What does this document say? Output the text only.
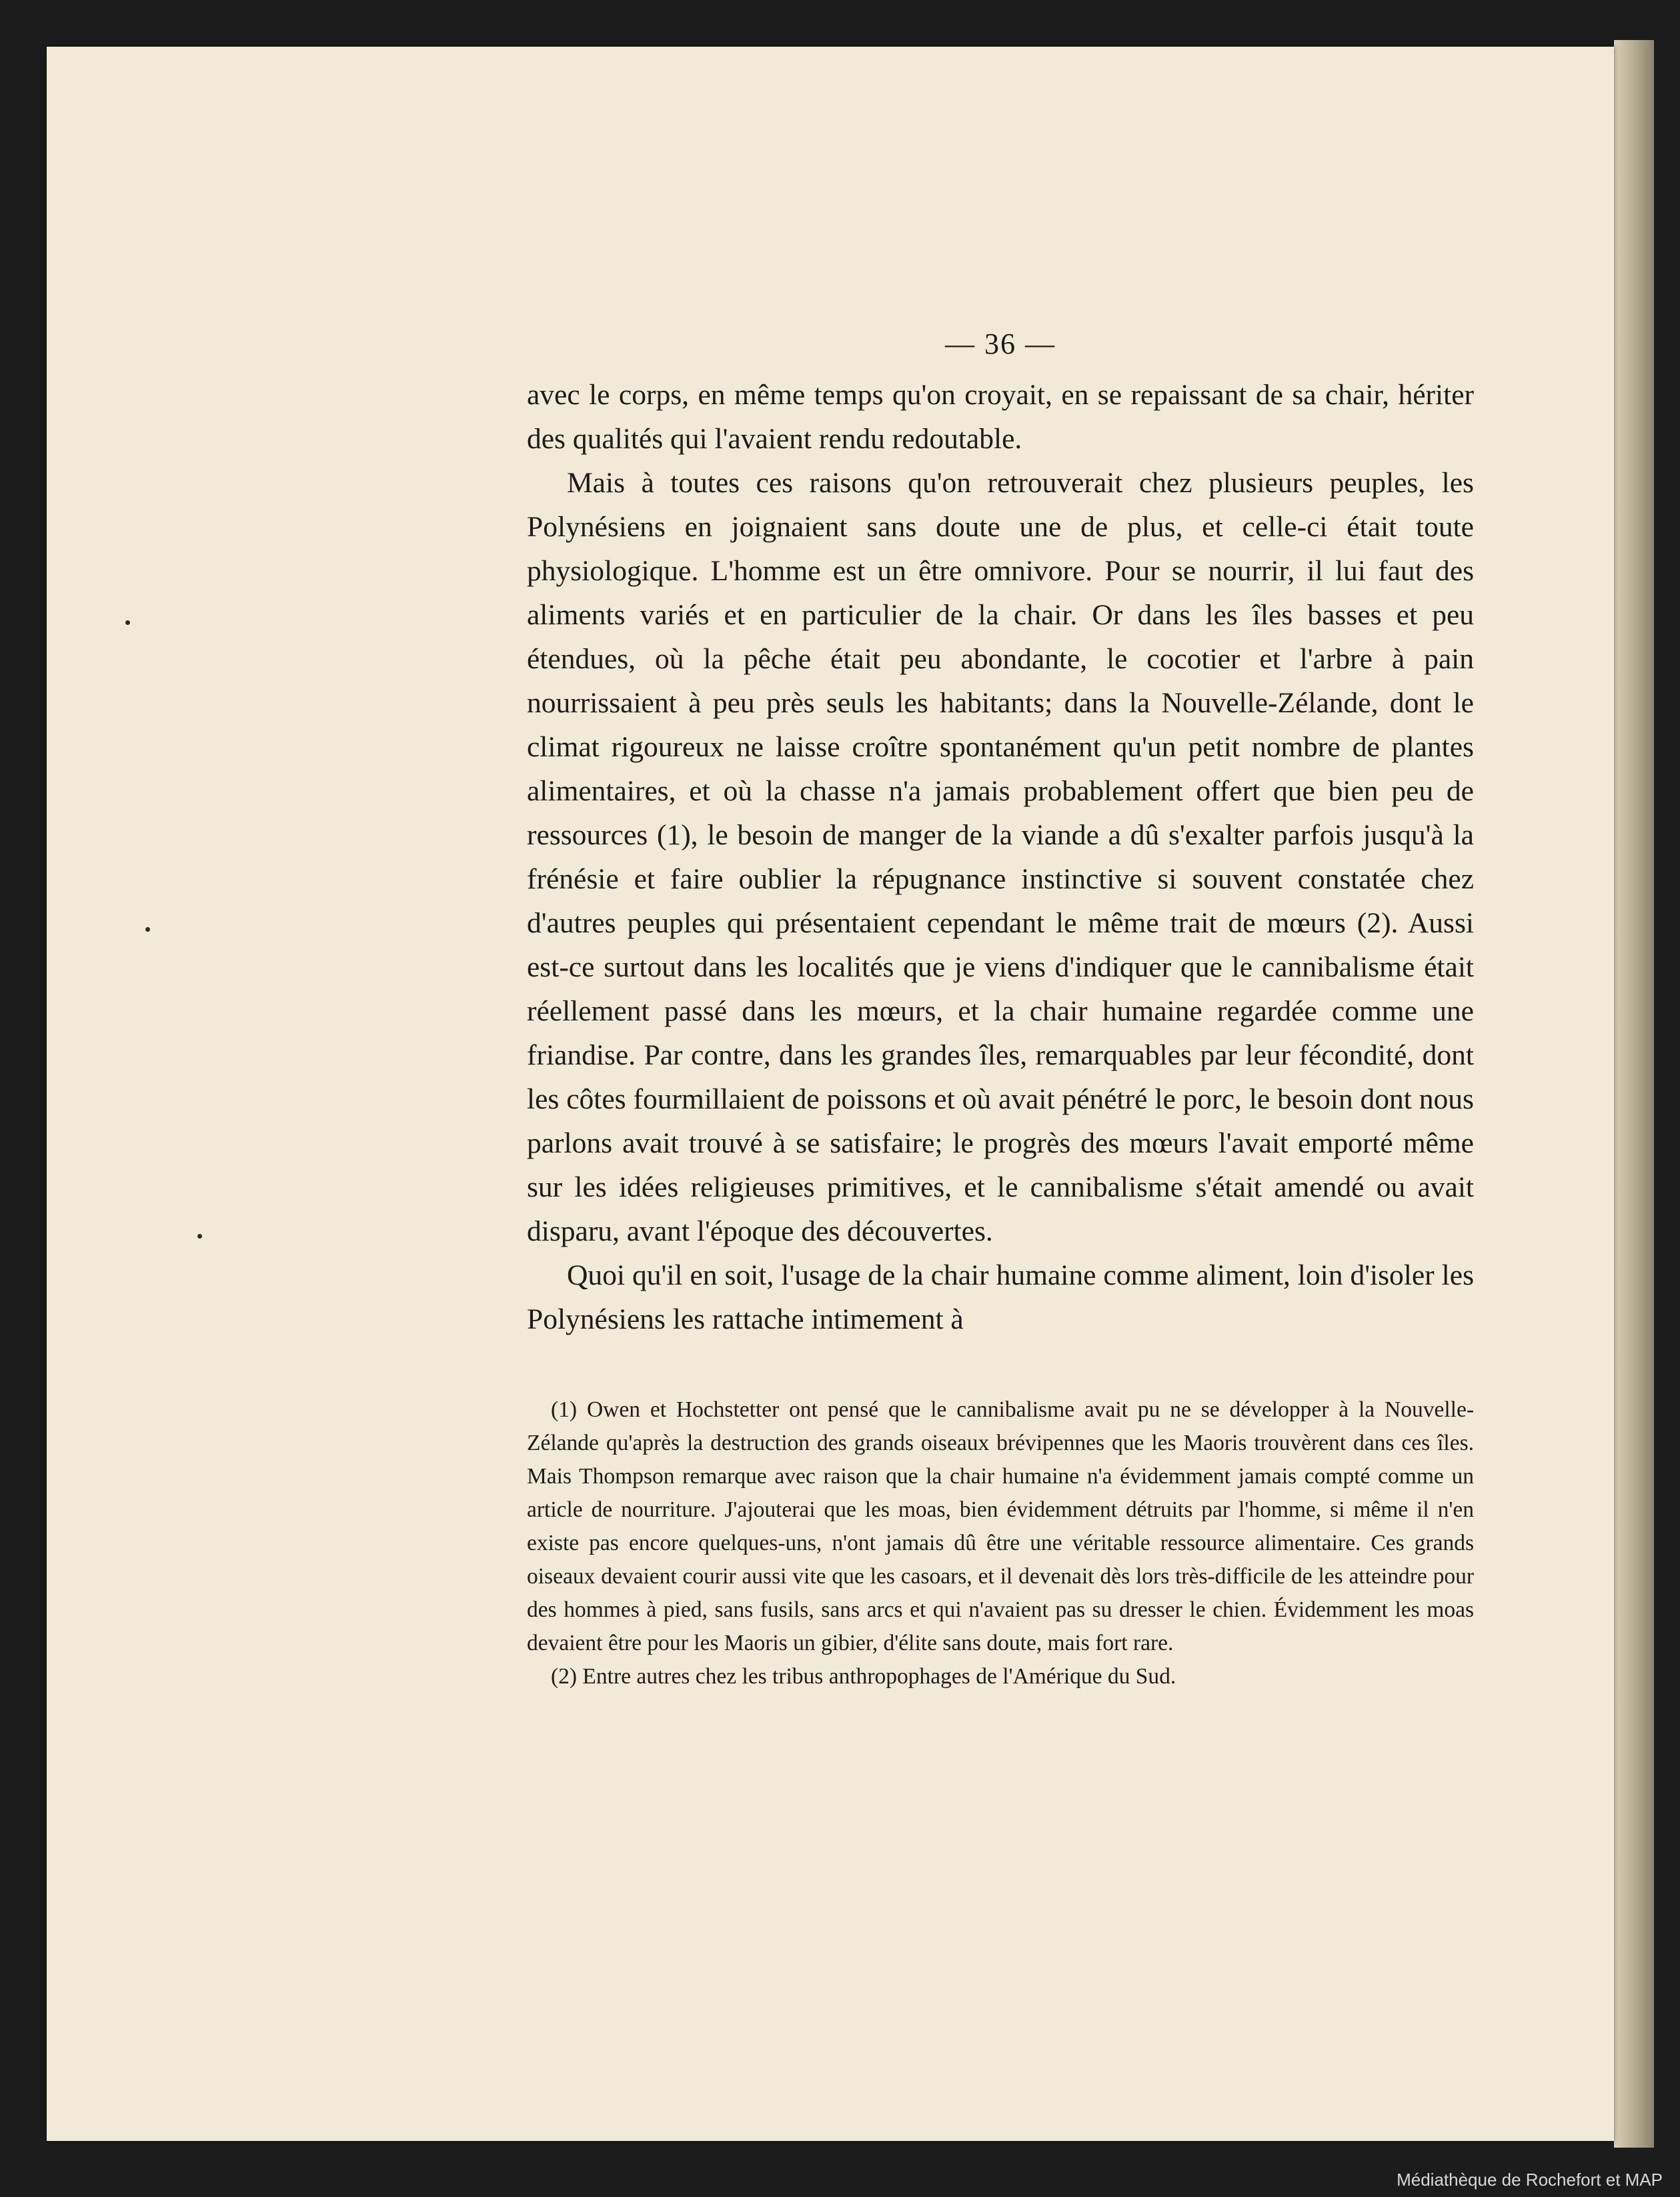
— 36 —

avec le corps, en même temps qu'on croyait, en se repaissant de sa chair, hériter des qualités qui l'avaient rendu redoutable.

Mais à toutes ces raisons qu'on retrouverait chez plusieurs peuples, les Polynésiens en joignaient sans doute une de plus, et celle-ci était toute physiologique. L'homme est un être omnivore. Pour se nourrir, il lui faut des aliments variés et en particulier de la chair. Or dans les îles basses et peu étendues, où la pêche était peu abondante, le cocotier et l'arbre à pain nourrissaient à peu près seuls les habitants; dans la Nouvelle-Zélande, dont le climat rigoureux ne laisse croître spontanément qu'un petit nombre de plantes alimentaires, et où la chasse n'a jamais probablement offert que bien peu de ressources (1), le besoin de manger de la viande a dû s'exalter parfois jusqu'à la frénésie et faire oublier la répugnance instinctive si souvent constatée chez d'autres peuples qui présentaient cependant le même trait de mœurs (2). Aussi est-ce surtout dans les localités que je viens d'indiquer que le cannibalisme était réellement passé dans les mœurs, et la chair humaine regardée comme une friandise. Par contre, dans les grandes îles, remarquables par leur fécondité, dont les côtes fourmillaient de poissons et où avait pénétré le porc, le besoin dont nous parlons avait trouvé à se satisfaire; le progrès des mœurs l'avait emporté même sur les idées religieuses primitives, et le cannibalisme s'était amendé ou avait disparu, avant l'époque des découvertes.

Quoi qu'il en soit, l'usage de la chair humaine comme aliment, loin d'isoler les Polynésiens les rattache intimement à

(1) Owen et Hochstetter ont pensé que le cannibalisme avait pu ne se développer à la Nouvelle-Zélande qu'après la destruction des grands oiseaux brévipennes que les Maoris trouvèrent dans ces îles. Mais Thompson remarque avec raison que la chair humaine n'a évidemment jamais compté comme un article de nourriture. J'ajouterai que les moas, bien évidemment détruits par l'homme, si même il n'en existe pas encore quelques-uns, n'ont jamais dû être une véritable ressource alimentaire. Ces grands oiseaux devaient courir aussi vite que les casoars, et il devenait dès lors très-difficile de les atteindre pour des hommes à pied, sans fusils, sans arcs et qui n'avaient pas su dresser le chien. Évidemment les moas devaient être pour les Maoris un gibier, d'élite sans doute, mais fort rare.

(2) Entre autres chez les tribus anthropophages de l'Amérique du Sud.

Médiathèque de Rochefort et MAP
